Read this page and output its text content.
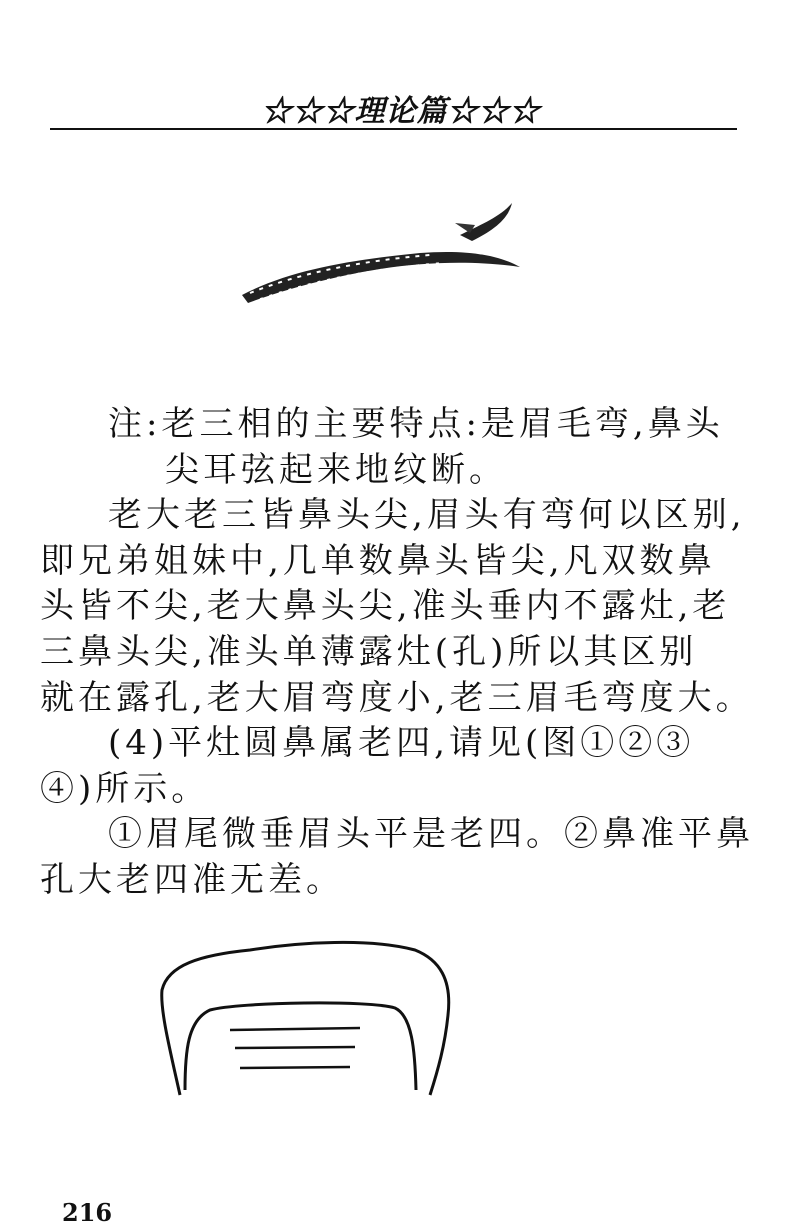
☆☆☆理论篇☆☆☆
注:老三相的主要特点:是眉毛弯,鼻头
尖耳弦起来地纹断。
老大老三皆鼻头尖,眉头有弯何以区别,
即兄弟姐妹中,几单数鼻头皆尖,凡双数鼻
头皆不尖,老大鼻头尖,准头垂内不露灶,老
三鼻头尖,准头单薄露灶(孔)所以其区别
就在露孔,老大眉弯度小,老三眉毛弯度大。
(4)平灶圆鼻属老四,请见(图①②③
④)所示。
①眉尾微垂眉头平是老四。②鼻准平鼻
孔大老四准无差。
216
